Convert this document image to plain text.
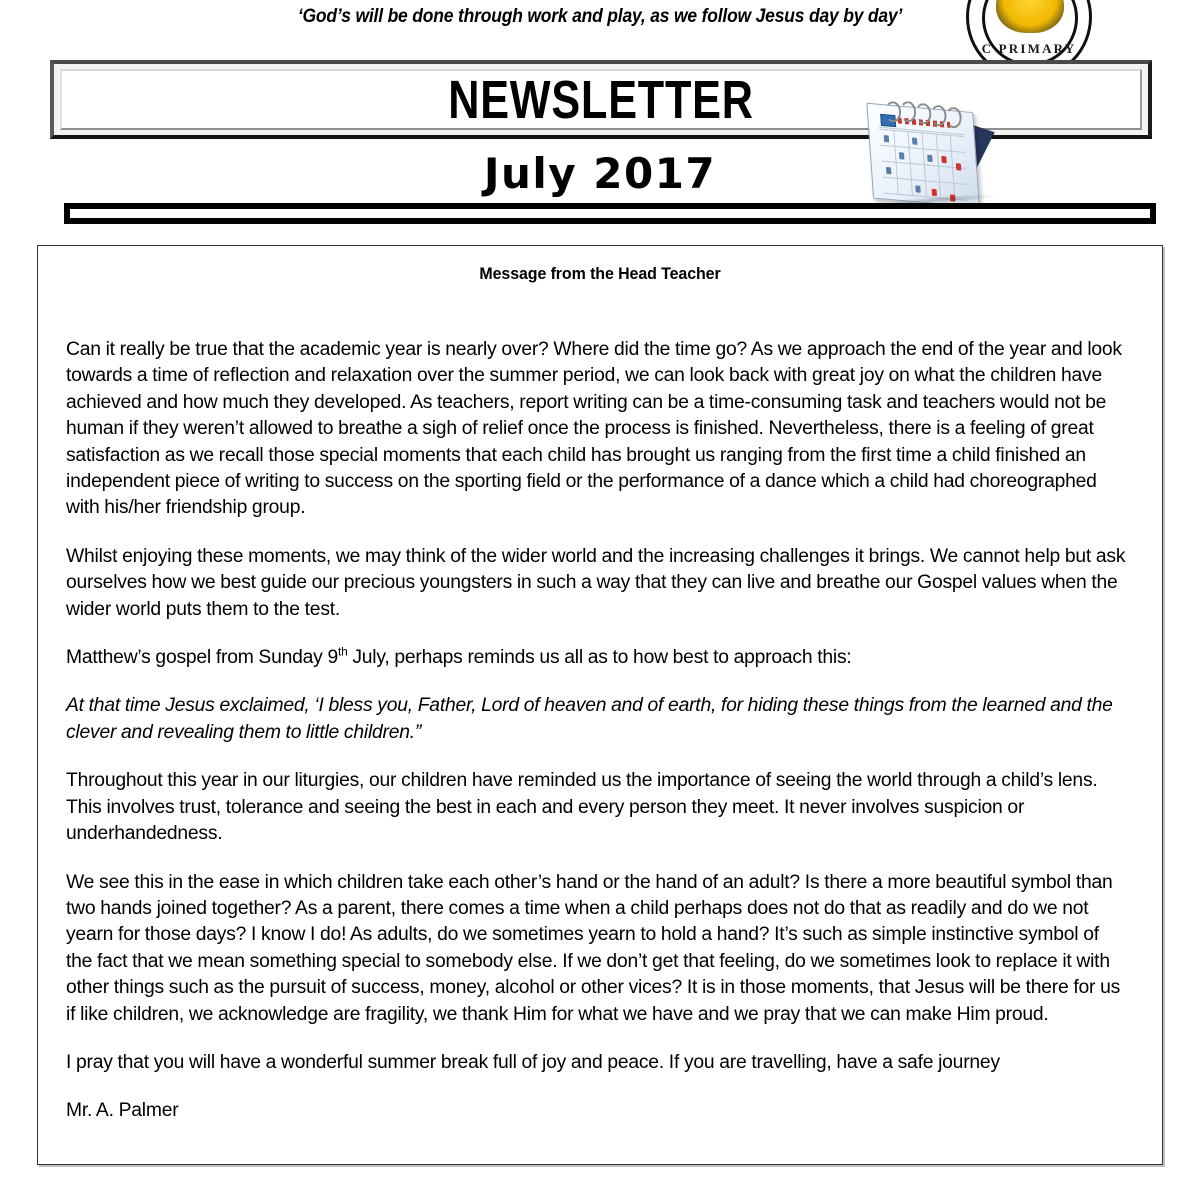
‘God’s will be done through work and play, as we follow Jesus day by day’
C PRIMARY
NEWSLETTER
July 2017
Message from the Head Teacher

Can it really be true that the academic year is nearly over? Where did the time go? As we approach the end of the year and look towards a time of reflection and relaxation over the summer period, we can look back with great joy on what the children have achieved and how much they developed. As teachers, report writing can be a time-consuming task and teachers would not be human if they weren’t allowed to breathe a sigh of relief once the process is finished. Nevertheless, there is a feeling of great satisfaction as we recall those special moments that each child has brought us ranging from the first time a child finished an independent piece of writing to success on the sporting field or the performance of a dance which a child had choreographed with his/her friendship group.

Whilst enjoying these moments, we may think of the wider world and the increasing challenges it brings. We cannot help but ask ourselves how we best guide our precious youngsters in such a way that they can live and breathe our Gospel values when the wider world puts them to the test.

Matthew’s gospel from Sunday 9th July, perhaps reminds us all as to how best to approach this:

At that time Jesus exclaimed, ‘I bless you, Father, Lord of heaven and of earth, for hiding these things from the learned and the clever and revealing them to little children.”

Throughout this year in our liturgies, our children have reminded us the importance of seeing the world through a child’s lens. This involves trust, tolerance and seeing the best in each and every person they meet. It never involves suspicion or underhandedness.

We see this in the ease in which children take each other’s hand or the hand of an adult? Is there a more beautiful symbol than two hands joined together? As a parent, there comes a time when a child perhaps does not do that as readily and do we not yearn for those days? I know I do! As adults, do we sometimes yearn to hold a hand? It’s such as simple instinctive symbol of the fact that we mean something special to somebody else. If we don’t get that feeling, do we sometimes look to replace it with other things such as the pursuit of success, money, alcohol or other vices? It is in those moments, that Jesus will be there for us if like children, we acknowledge are fragility, we thank Him for what we have and we pray that we can make Him proud.

I pray that you will have a wonderful summer break full of joy and peace. If you are travelling, have a safe journey

Mr. A. Palmer
